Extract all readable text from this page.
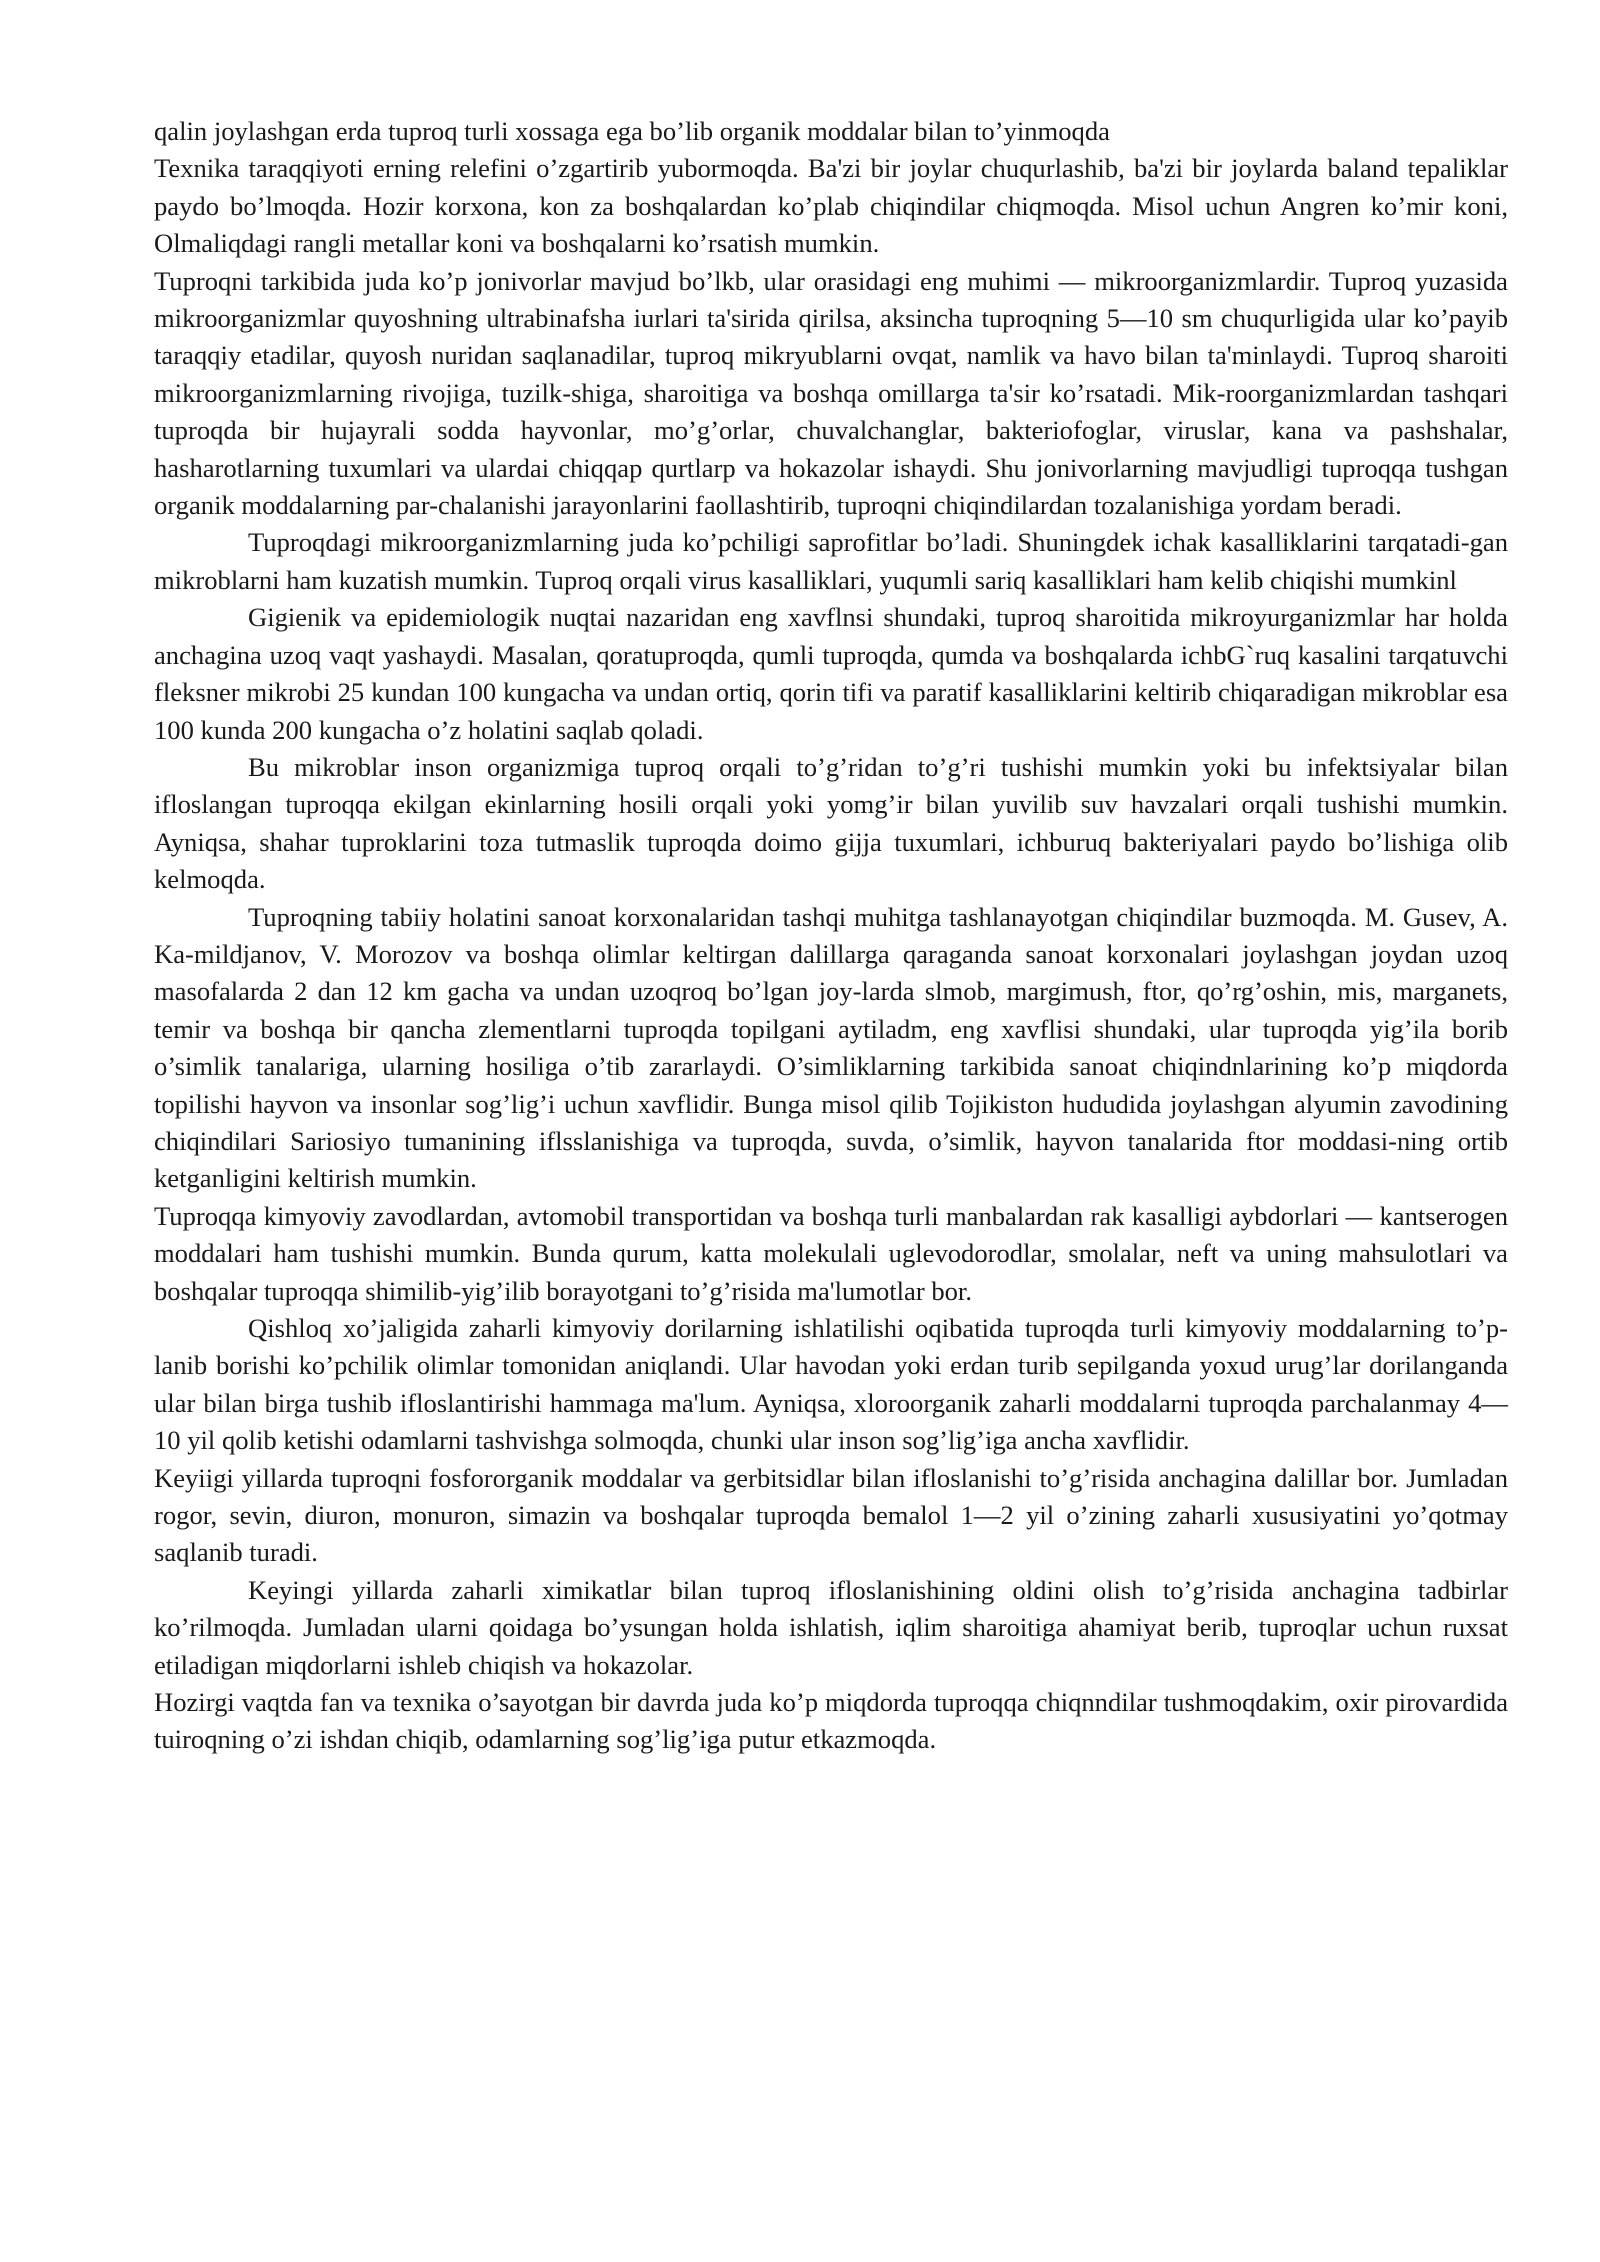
qalin joylashgan erda tuproq turli xossaga ega bo’lib organik moddalar bilan to’yinmoqda

Texnika taraqqiyoti erning relefini o’zgartirib yubormoqda. Ba'zi bir joylar chuqurlashib, ba'zi bir joylarda baland tepaliklar paydo bo’lmoqda. Hozir korxona, kon za boshqalardan ko’plab chiqindilar chiqmoqda. Misol uchun Angren ko’mir koni, Olmaliqdagi rangli metallar koni va boshqalarni ko’rsatish mumkin.

Tuproqni tarkibida juda ko’p jonivorlar mavjud bo’lkb, ular orasidagi eng muhimi — mikroorganizmlardir. Tuproq yuzasida mikroorganizmlar quyoshning ultrabinafsha iurlari ta'sirida qirilsa, aksincha tuproqning 5—10 sm chuqurligida ular ko’payib taraqqiy etadilar, quyosh nuridan saqlanadilar, tuproq mikryublarni ovqat, namlik va havo bilan ta'minlaydi. Tuproq sharoiti mikroorganizmlarning rivojiga, tuzilk-shiga, sharoitiga va boshqa omillarga ta'sir ko’rsatadi. Mik-roorganizmlardan tashqari tuproqda bir hujayrali sodda hayvonlar, mo’g’orlar, chuvalchanglar, bakteriofoglar, viruslar, kana va pashshalar, hasharotlarning tuxumlari va ulardai chiqqap qurtlarp va hokazolar ishaydi. Shu jonivorlarning mavjudligi tuproqqa tushgan organik moddalarning par-chalanishi jarayonlarini faollashtirib, tuproqni chiqindilardan tozalanishiga yordam beradi.

Tuproqdagi mikroorganizmlarning juda ko’pchiligi saprofitlar bo’ladi. Shuningdek ichak kasalliklarini tarqatadi-gan mikroblarni ham kuzatish mumkin. Tuproq orqali virus kasalliklari, yuqumli sariq kasalliklari ham kelib chiqishi mumkinl

Gigienik va epidemiologik nuqtai nazaridan eng xavflnsi shundaki, tuproq sharoitida mikroyurganizmlar har holda anchagina uzoq vaqt yashaydi. Masalan, qoratuproqda, qumli tuproqda, qumda va boshqalarda ichbG`ruq kasalini tarqatuvchi fleksner mikrobi 25 kundan 100 kungacha va undan ortiq, qorin tifi va paratif kasalliklarini keltirib chiqaradigan mikroblar esa 100 kunda 200 kungacha o’z holatini saqlab qoladi.

Bu mikroblar inson organizmiga tuproq orqali to’g’ridan to’g’ri tushishi mumkin yoki bu infektsiyalar bilan ifloslangan tuproqqa ekilgan ekinlarning hosili orqali yoki yomg’ir bilan yuvilib suv havzalari orqali tushishi mumkin. Ayniqsa, shahar tuproklarini toza tutmaslik tuproqda doimo gijja tuxumlari, ichburuq bakteriyalari paydo bo’lishiga olib kelmoqda.

Tuproqning tabiiy holatini sanoat korxonalaridan tashqi muhitga tashlanayotgan chiqindilar buzmoqda. M. Gusev, A. Ka-mildjanov, V. Morozov va boshqa olimlar keltirgan dalillarga qaraganda sanoat korxonalari joylashgan joydan uzoq masofalarda 2 dan 12 km gacha va undan uzoqroq bo’lgan joy-larda slmob, margimush, ftor, qo’rg’oshin, mis, marganets, temir va boshqa bir qancha zlementlarni tuproqda topilgani aytiladm, eng xavflisi shundaki, ular tuproqda yig’ila borib o’simlik tanalariga, ularning hosiliga o’tib zararlaydi. O’simliklarning tarkibida sanoat chiqindnlarining ko’p miqdorda topilishi hayvon va insonlar sog’lig’i uchun xavflidir. Bunga misol qilib Tojikiston hududida joylashgan alyumin zavodining chiqindilari Sariosiyo tumanining iflsslanishiga va tuproqda, suvda, o’simlik, hayvon tanalarida ftor moddasi-ning ortib ketganligini keltirish mumkin.

Tuproqqa kimyoviy zavodlardan, avtomobil transportidan va boshqa turli manbalardan rak kasalligi aybdorlari — kantserogen moddalari ham tushishi mumkin. Bunda qurum, katta molekulali uglevodorodlar, smolalar, neft va uning mahsulotlari va boshqalar tuproqqa shimilib-yig’ilib borayotgani to’g’risida ma'lumotlar bor.

Qishloq xo’jaligida zaharli kimyoviy dorilarning ishlatilishi oqibatida tuproqda turli kimyoviy moddalarning to’p-lanib borishi ko’pchilik olimlar tomonidan aniqlandi. Ular havodan yoki erdan turib sepilganda yoxud urug’lar dorilanganda ular bilan birga tushib ifloslantirishi hammaga ma'lum. Ayniqsa, xloroorganik zaharli moddalarni tuproqda parchalanmay 4—10 yil qolib ketishi odamlarni tashvishga solmoqda, chunki ular inson sog’lig’iga ancha xavflidir.

Keyiigi yillarda tuproqni fosfororganik moddalar va gerbitsidlar bilan ifloslanishi to’g’risida anchagina dalillar bor. Jumladan rogor, sevin, diuron, monuron, simazin va boshqalar tuproqda bemalol 1—2 yil o’zining zaharli xususiyatini yo’qotmay saqlanib turadi.

Keyingi yillarda zaharli ximikatlar bilan tuproq ifloslanishining oldini olish to’g’risida anchagina tadbirlar ko’rilmoqda. Jumladan ularni qoidaga bo’ysungan holda ishlatish, iqlim sharoitiga ahamiyat berib, tuproqlar uchun ruxsat etiladigan miqdorlarni ishleb chiqish va hokazolar.

Hozirgi vaqtda fan va texnika o’sayotgan bir davrda juda ko’p miqdorda tuproqqa chiqnndilar tushmoqdakim, oxir pirovardida tuiroqning o’zi ishdan chiqib, odamlarning sog’lig’iga putur etkazmoqda.
